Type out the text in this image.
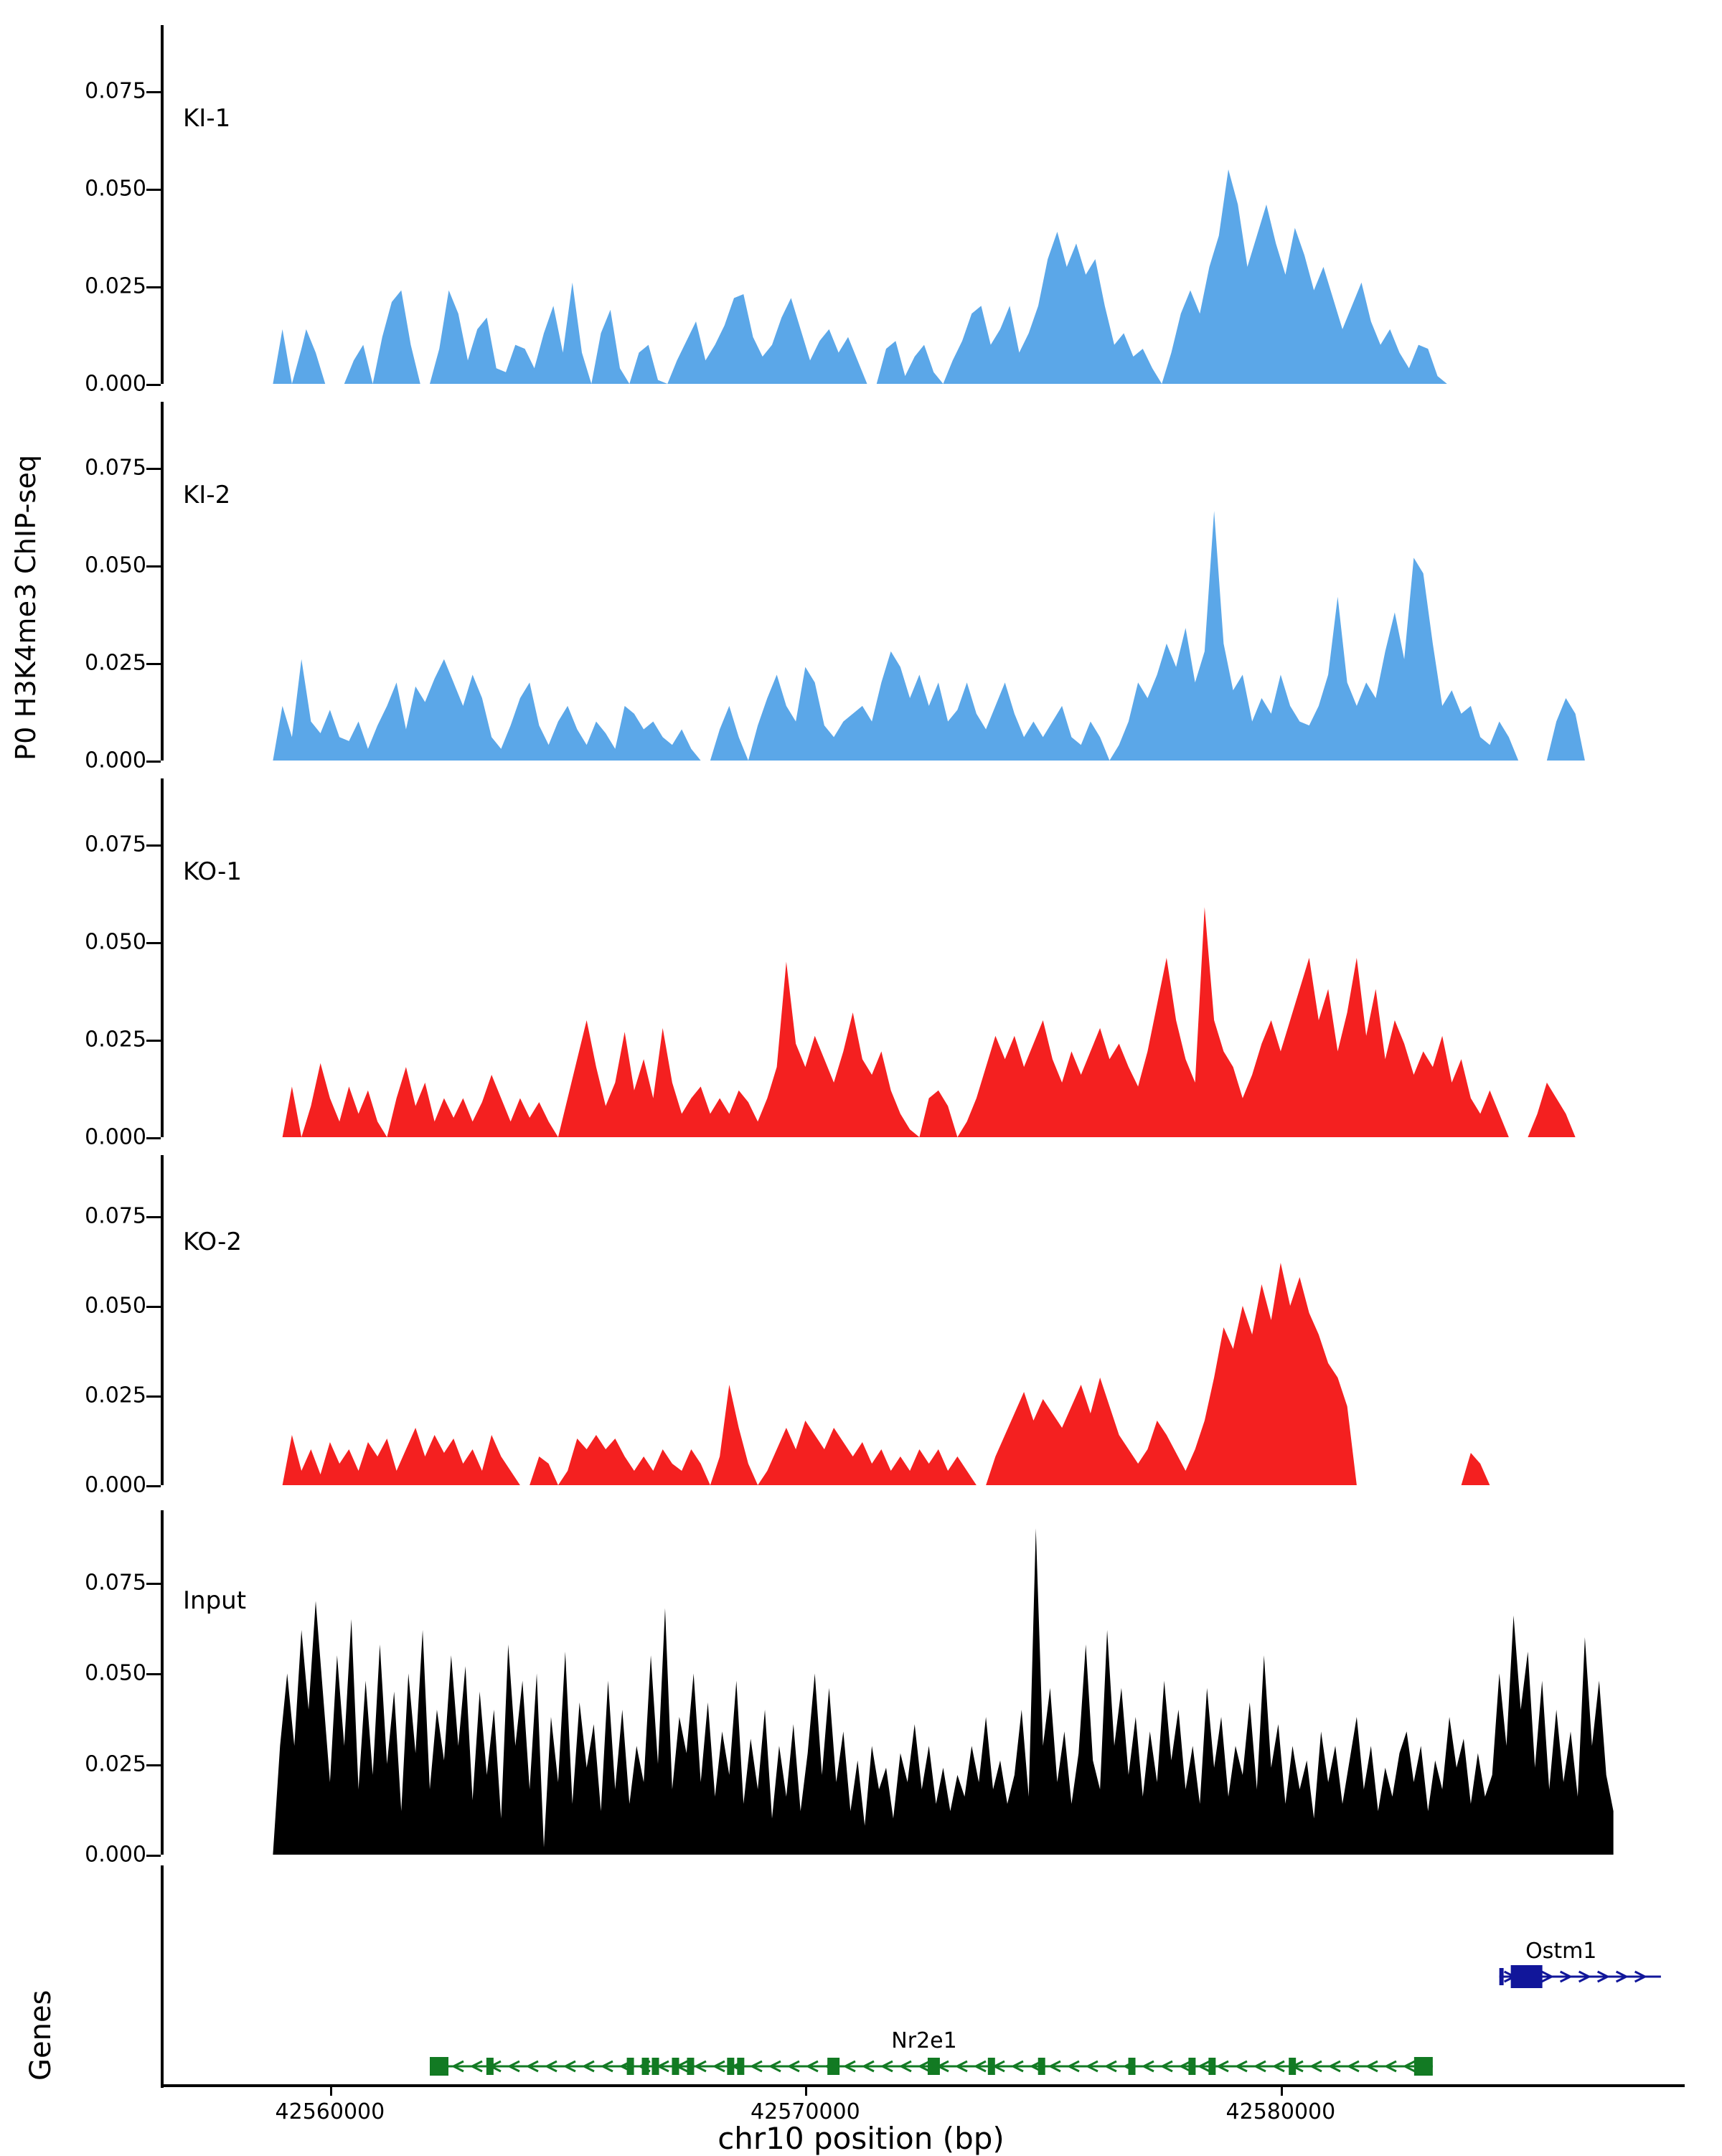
P0 H3K4me3 ChIP-seq
Genes
0.000
0.025
0.050
0.075
KI-1
0.000
0.025
0.050
0.075
KI-2
0.000
0.025
0.050
0.075
KO-1
0.000
0.025
0.050
0.075
KO-2
0.000
0.025
0.050
0.075
Input
Ostm1
Nr2e1
42560000	42570000	42580000
chr10 position (bp)
